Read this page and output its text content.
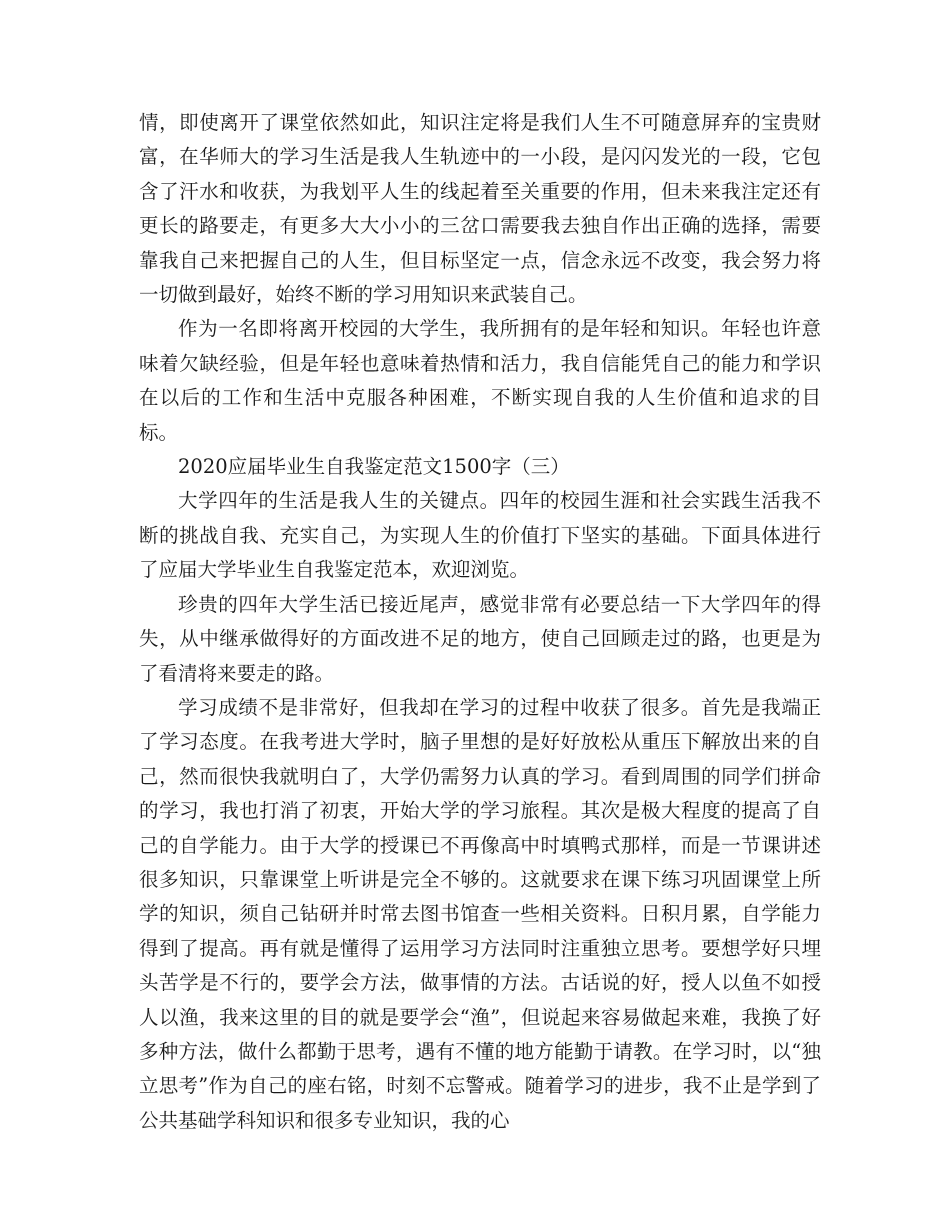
情，即使离开了课堂依然如此，知识注定将是我们人生不可随意屏弃的宝贵财富，在华师大的学习生活是我人生轨迹中的一小段，是闪闪发光的一段，它包含了汗水和收获，为我划平人生的线起着至关重要的作用，但未来我注定还有更长的路要走，有更多大大小小的三岔口需要我去独自作出正确的选择，需要靠我自己来把握自己的人生，但目标坚定一点，信念永远不改变，我会努力将一切做到最好，始终不断的学习用知识来武装自己。

作为一名即将离开校园的大学生，我所拥有的是年轻和知识。年轻也许意味着欠缺经验，但是年轻也意味着热情和活力，我自信能凭自己的能力和学识在以后的工作和生活中克服各种困难，不断实现自我的人生价值和追求的目标。

2020应届毕业生自我鉴定范文1500字（三）

大学四年的生活是我人生的关键点。四年的校园生涯和社会实践生活我不断的挑战自我、充实自己，为实现人生的价值打下坚实的基础。下面具体进行了应届大学毕业生自我鉴定范本，欢迎浏览。

珍贵的四年大学生活已接近尾声，感觉非常有必要总结一下大学四年的得失，从中继承做得好的方面改进不足的地方，使自己回顾走过的路，也更是为了看清将来要走的路。

学习成绩不是非常好，但我却在学习的过程中收获了很多。首先是我端正了学习态度。在我考进大学时，脑子里想的是好好放松从重压下解放出来的自己，然而很快我就明白了，大学仍需努力认真的学习。看到周围的同学们拼命的学习，我也打消了初衷，开始大学的学习旅程。其次是极大程度的提高了自己的自学能力。由于大学的授课已不再像高中时填鸭式那样，而是一节课讲述很多知识，只靠课堂上听讲是完全不够的。这就要求在课下练习巩固课堂上所学的知识，须自己钻研并时常去图书馆查一些相关资料。日积月累，自学能力得到了提高。再有就是懂得了运用学习方法同时注重独立思考。要想学好只埋头苦学是不行的，要学会方法，做事情的方法。古话说的好，授人以鱼不如授人以渔，我来这里的目的就是要学会“渔”，但说起来容易做起来难，我换了好多种方法，做什么都勤于思考，遇有不懂的地方能勤于请教。在学习时，以“独立思考”作为自己的座右铭，时刻不忘警戒。随着学习的进步，我不止是学到了公共基础学科知识和很多专业知识，我的心
